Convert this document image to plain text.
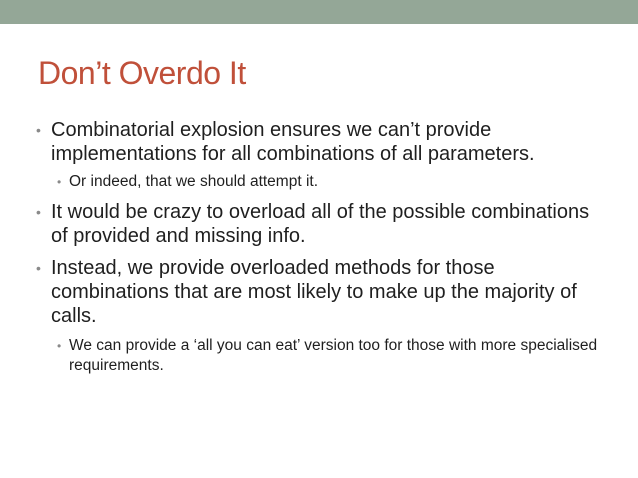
Don’t Overdo It
• Combinatorial explosion ensures we can’t provide implementations for all combinations of all parameters.
• Or indeed, that we should attempt it.
• It would be crazy to overload all of the possible combinations of provided and missing info.
• Instead, we provide overloaded methods for those combinations that are most likely to make up the majority of calls.
• We can provide a ‘all you can eat’ version too for those with more specialised requirements.
